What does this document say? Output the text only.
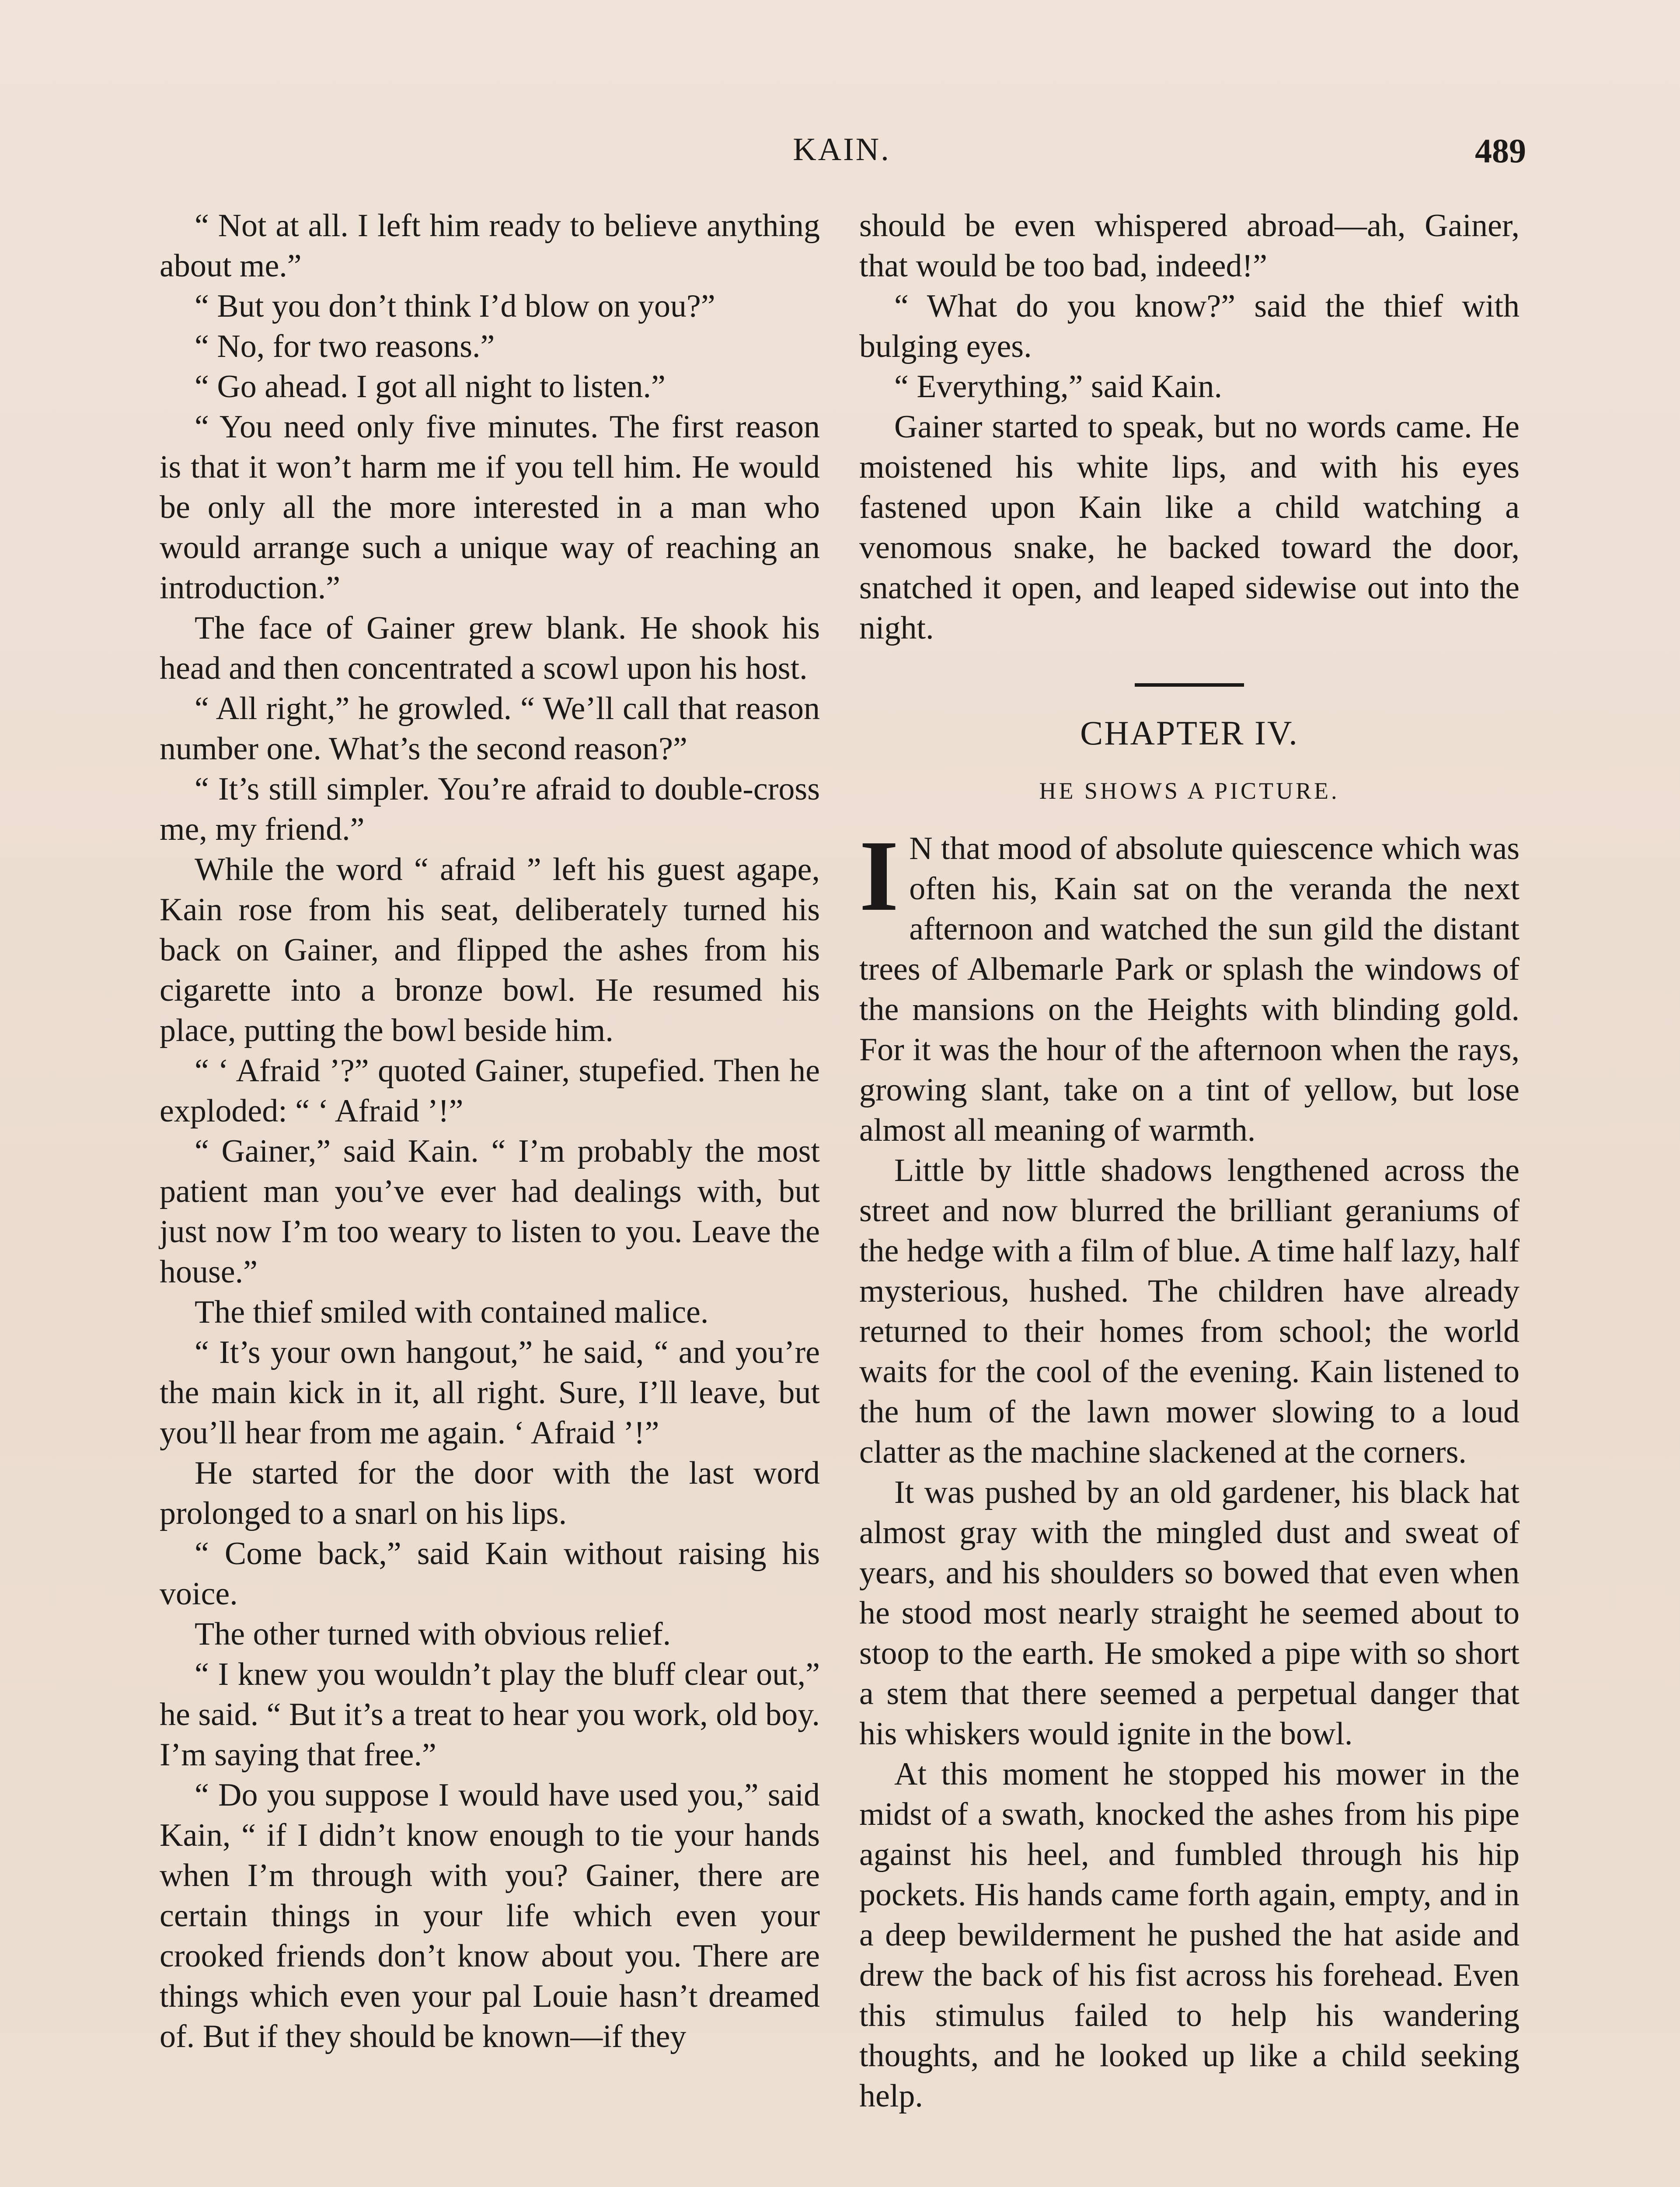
KAIN.	489

“ Not at all. I left him ready to believe anything about me.”

“ But you don’t think I’d blow on you?”

“ No, for two reasons.”

“ Go ahead. I got all night to listen.”

“ You need only five minutes. The first reason is that it won’t harm me if you tell him. He would be only all the more interested in a man who would arrange such a unique way of reaching an introduction.”

The face of Gainer grew blank. He shook his head and then concentrated a scowl upon his host.

“ All right,” he growled. “ We’ll call that reason number one. What’s the second reason?”

“ It’s still simpler. You’re afraid to double-cross me, my friend.”

While the word “ afraid ” left his guest agape, Kain rose from his seat, deliberately turned his back on Gainer, and flipped the ashes from his cigarette into a bronze bowl. He resumed his place, putting the bowl beside him.

“ ‘ Afraid ’?” quoted Gainer, stupefied. Then he exploded: “ ‘ Afraid ’!”

“ Gainer,” said Kain. “ I’m probably the most patient man you’ve ever had dealings with, but just now I’m too weary to listen to you. Leave the house.”

The thief smiled with contained malice.

“ It’s your own hangout,” he said, “ and you’re the main kick in it, all right. Sure, I’ll leave, but you’ll hear from me again. ‘ Afraid ’!”

He started for the door with the last word prolonged to a snarl on his lips.

“ Come back,” said Kain without raising his voice.

The other turned with obvious relief.

“ I knew you wouldn’t play the bluff clear out,” he said. “ But it’s a treat to hear you work, old boy. I’m saying that free.”

“ Do you suppose I would have used you,” said Kain, “ if I didn’t know enough to tie your hands when I’m through with you? Gainer, there are certain things in your life which even your crooked friends don’t know about you. There are things which even your pal Louie hasn’t dreamed of. But if they should be known—if they

should be even whispered abroad—ah, Gainer, that would be too bad, indeed!”

“ What do you know?” said the thief with bulging eyes.

“ Everything,” said Kain.

Gainer started to speak, but no words came. He moistened his white lips, and with his eyes fastened upon Kain like a child watching a venomous snake, he backed toward the door, snatched it open, and leaped sidewise out into the night.

CHAPTER IV.
HE SHOWS A PICTURE.

I N that mood of absolute quiescence which was often his, Kain sat on the veranda the next afternoon and watched the sun gild the distant trees of Albemarle Park or splash the windows of the mansions on the Heights with blinding gold. For it was the hour of the afternoon when the rays, growing slant, take on a tint of yellow, but lose almost all meaning of warmth.

Little by little shadows lengthened across the street and now blurred the brilliant geraniums of the hedge with a film of blue. A time half lazy, half mysterious, hushed. The children have already returned to their homes from school; the world waits for the cool of the evening. Kain listened to the hum of the lawn mower slowing to a loud clatter as the machine slackened at the corners.

It was pushed by an old gardener, his black hat almost gray with the mingled dust and sweat of years, and his shoulders so bowed that even when he stood most nearly straight he seemed about to stoop to the earth. He smoked a pipe with so short a stem that there seemed a perpetual danger that his whiskers would ignite in the bowl.

At this moment he stopped his mower in the midst of a swath, knocked the ashes from his pipe against his heel, and fumbled through his hip pockets. His hands came forth again, empty, and in a deep bewilderment he pushed the hat aside and drew the back of his fist across his forehead. Even this stimulus failed to help his wandering thoughts, and he looked up like a child seeking help.
